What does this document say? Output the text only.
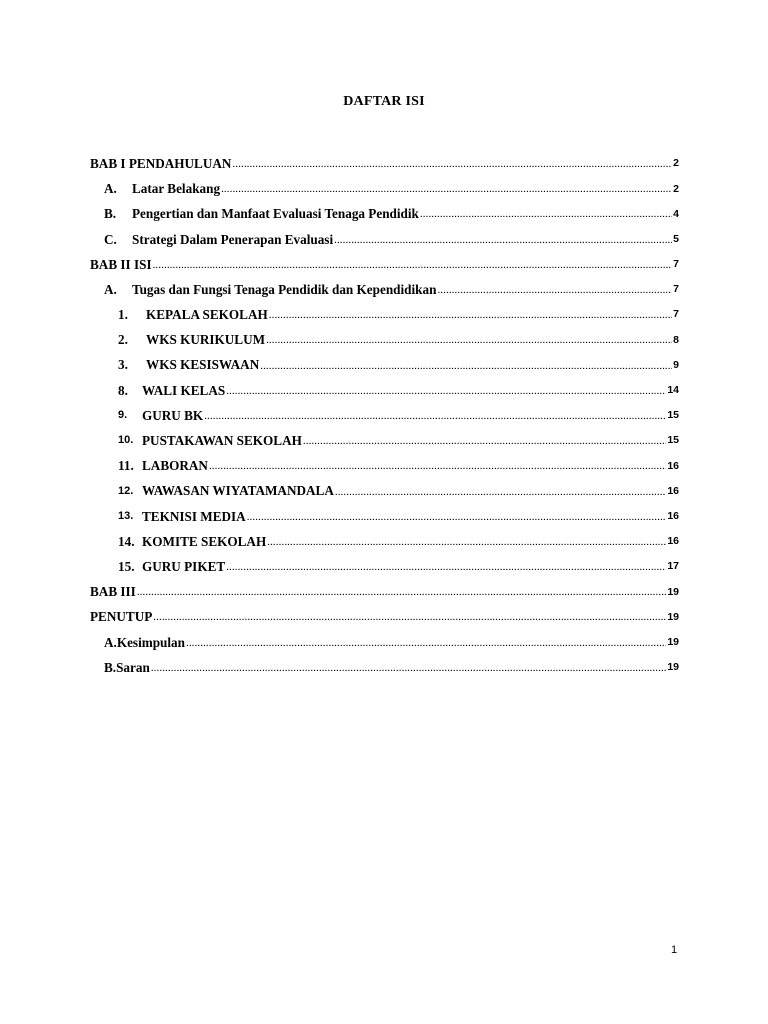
DAFTAR ISI
BAB I PENDAHULUAN .....	2
A.	Latar Belakang .....	2
B.	Pengertian dan Manfaat Evaluasi Tenaga Pendidik .....	4
C.	Strategi Dalam Penerapan Evaluasi .....	5
BAB II ISI .....	7
A.	Tugas dan Fungsi Tenaga Pendidik dan Kependidikan .....	7
1.	KEPALA SEKOLAH .....	7
2.	WKS KURIKULUM .....	8
3.	WKS KESISWAAN .....	9
8.	WALI KELAS .....	14
9.	GURU BK .....	15
10. PUSTAKAWAN SEKOLAH .....	15
11. LABORAN .....	16
12. WAWASAN WIYATAMANDALA .....	16
13. TEKNISI MEDIA .....	16
14. KOMITE SEKOLAH .....	16
15. GURU PIKET .....	17
BAB III .....	19
PENUTUP .....	19
A.Kesimpulan .....	19
B.Saran .....	19
1
